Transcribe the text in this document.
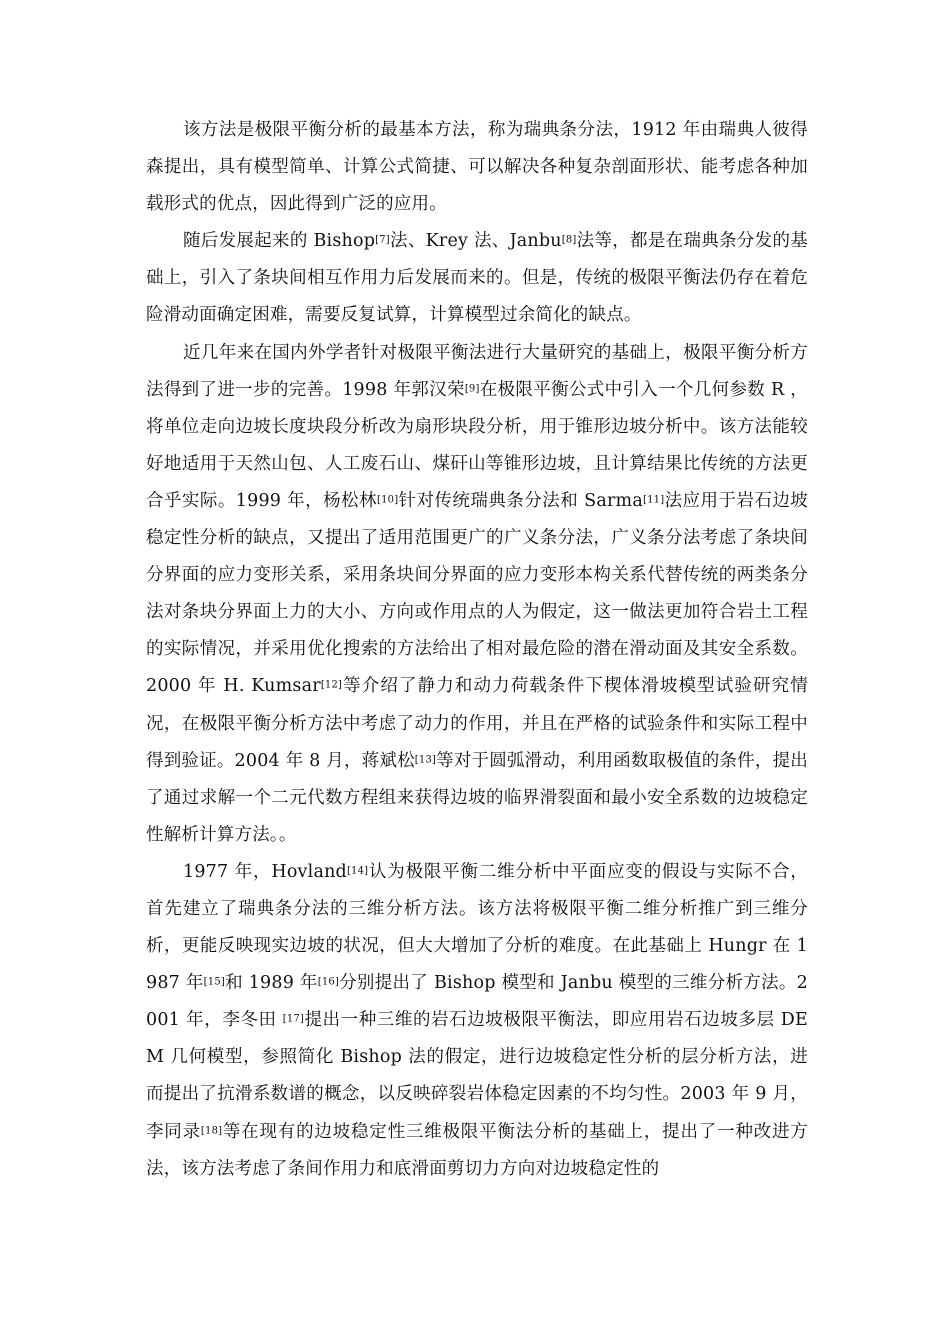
该方法是极限平衡分析的最基本方法，称为瑞典条分法，1912 年由瑞典人彼得森提出，具有模型简单、计算公式简捷、可以解决各种复杂剖面形状、能考虑各种加载形式的优点，因此得到广泛的应用。

随后发展起来的 Bishop[7]法、Krey 法、Janbu[8]法等，都是在瑞典条分发的基础上，引入了条块间相互作用力后发展而来的。但是，传统的极限平衡法仍存在着危险滑动面确定困难，需要反复试算，计算模型过余简化的缺点。

近几年来在国内外学者针对极限平衡法进行大量研究的基础上，极限平衡分析方法得到了进一步的完善。1998 年郭汉荣[9]在极限平衡公式中引入一个几何参数 R ，将单位走向边坡长度块段分析改为扇形块段分析，用于锥形边坡分析中。该方法能较好地适用于天然山包、人工废石山、煤矸山等锥形边坡，且计算结果比传统的方法更合乎实际。1999 年，杨松林[10]针对传统瑞典条分法和 Sarma[11]法应用于岩石边坡稳定性分析的缺点，又提出了适用范围更广的广义条分法，广义条分法考虑了条块间分界面的应力变形关系，采用条块间分界面的应力变形本构关系代替传统的两类条分法对条块分界面上力的大小、方向或作用点的人为假定，这一做法更加符合岩土工程的实际情况，并采用优化搜索的方法给出了相对最危险的潜在滑动面及其安全系数。2000 年 H. Kumsar[12]等介绍了静力和动力荷载条件下楔体滑坡模型试验研究情况，在极限平衡分析方法中考虑了动力的作用，并且在严格的试验条件和实际工程中得到验证。2004 年 8 月，蒋斌松[13]等对于圆弧滑动，利用函数取极值的条件，提出了通过求解一个二元代数方程组来获得边坡的临界滑裂面和最小安全系数的边坡稳定性解析计算方法。。

1977 年，Hovland[14]认为极限平衡二维分析中平面应变的假设与实际不合，首先建立了瑞典条分法的三维分析方法。该方法将极限平衡二维分析推广到三维分析，更能反映现实边坡的状况，但大大增加了分析的难度。在此基础上 Hungr 在 1987 年[15]和 1989 年[16]分别提出了 Bishop 模型和 Janbu 模型的三维分析方法。2001 年，李冬田 [17]提出一种三维的岩石边坡极限平衡法，即应用岩石边坡多层 DEM 几何模型，参照简化 Bishop 法的假定，进行边坡稳定性分析的层分析方法，进而提出了抗滑系数谱的概念，以反映碎裂岩体稳定因素的不均匀性。2003 年 9 月，李同录[18]等在现有的边坡稳定性三维极限平衡法分析的基础上，提出了一种改进方法，该方法考虑了条间作用力和底滑面剪切力方向对边坡稳定性的
